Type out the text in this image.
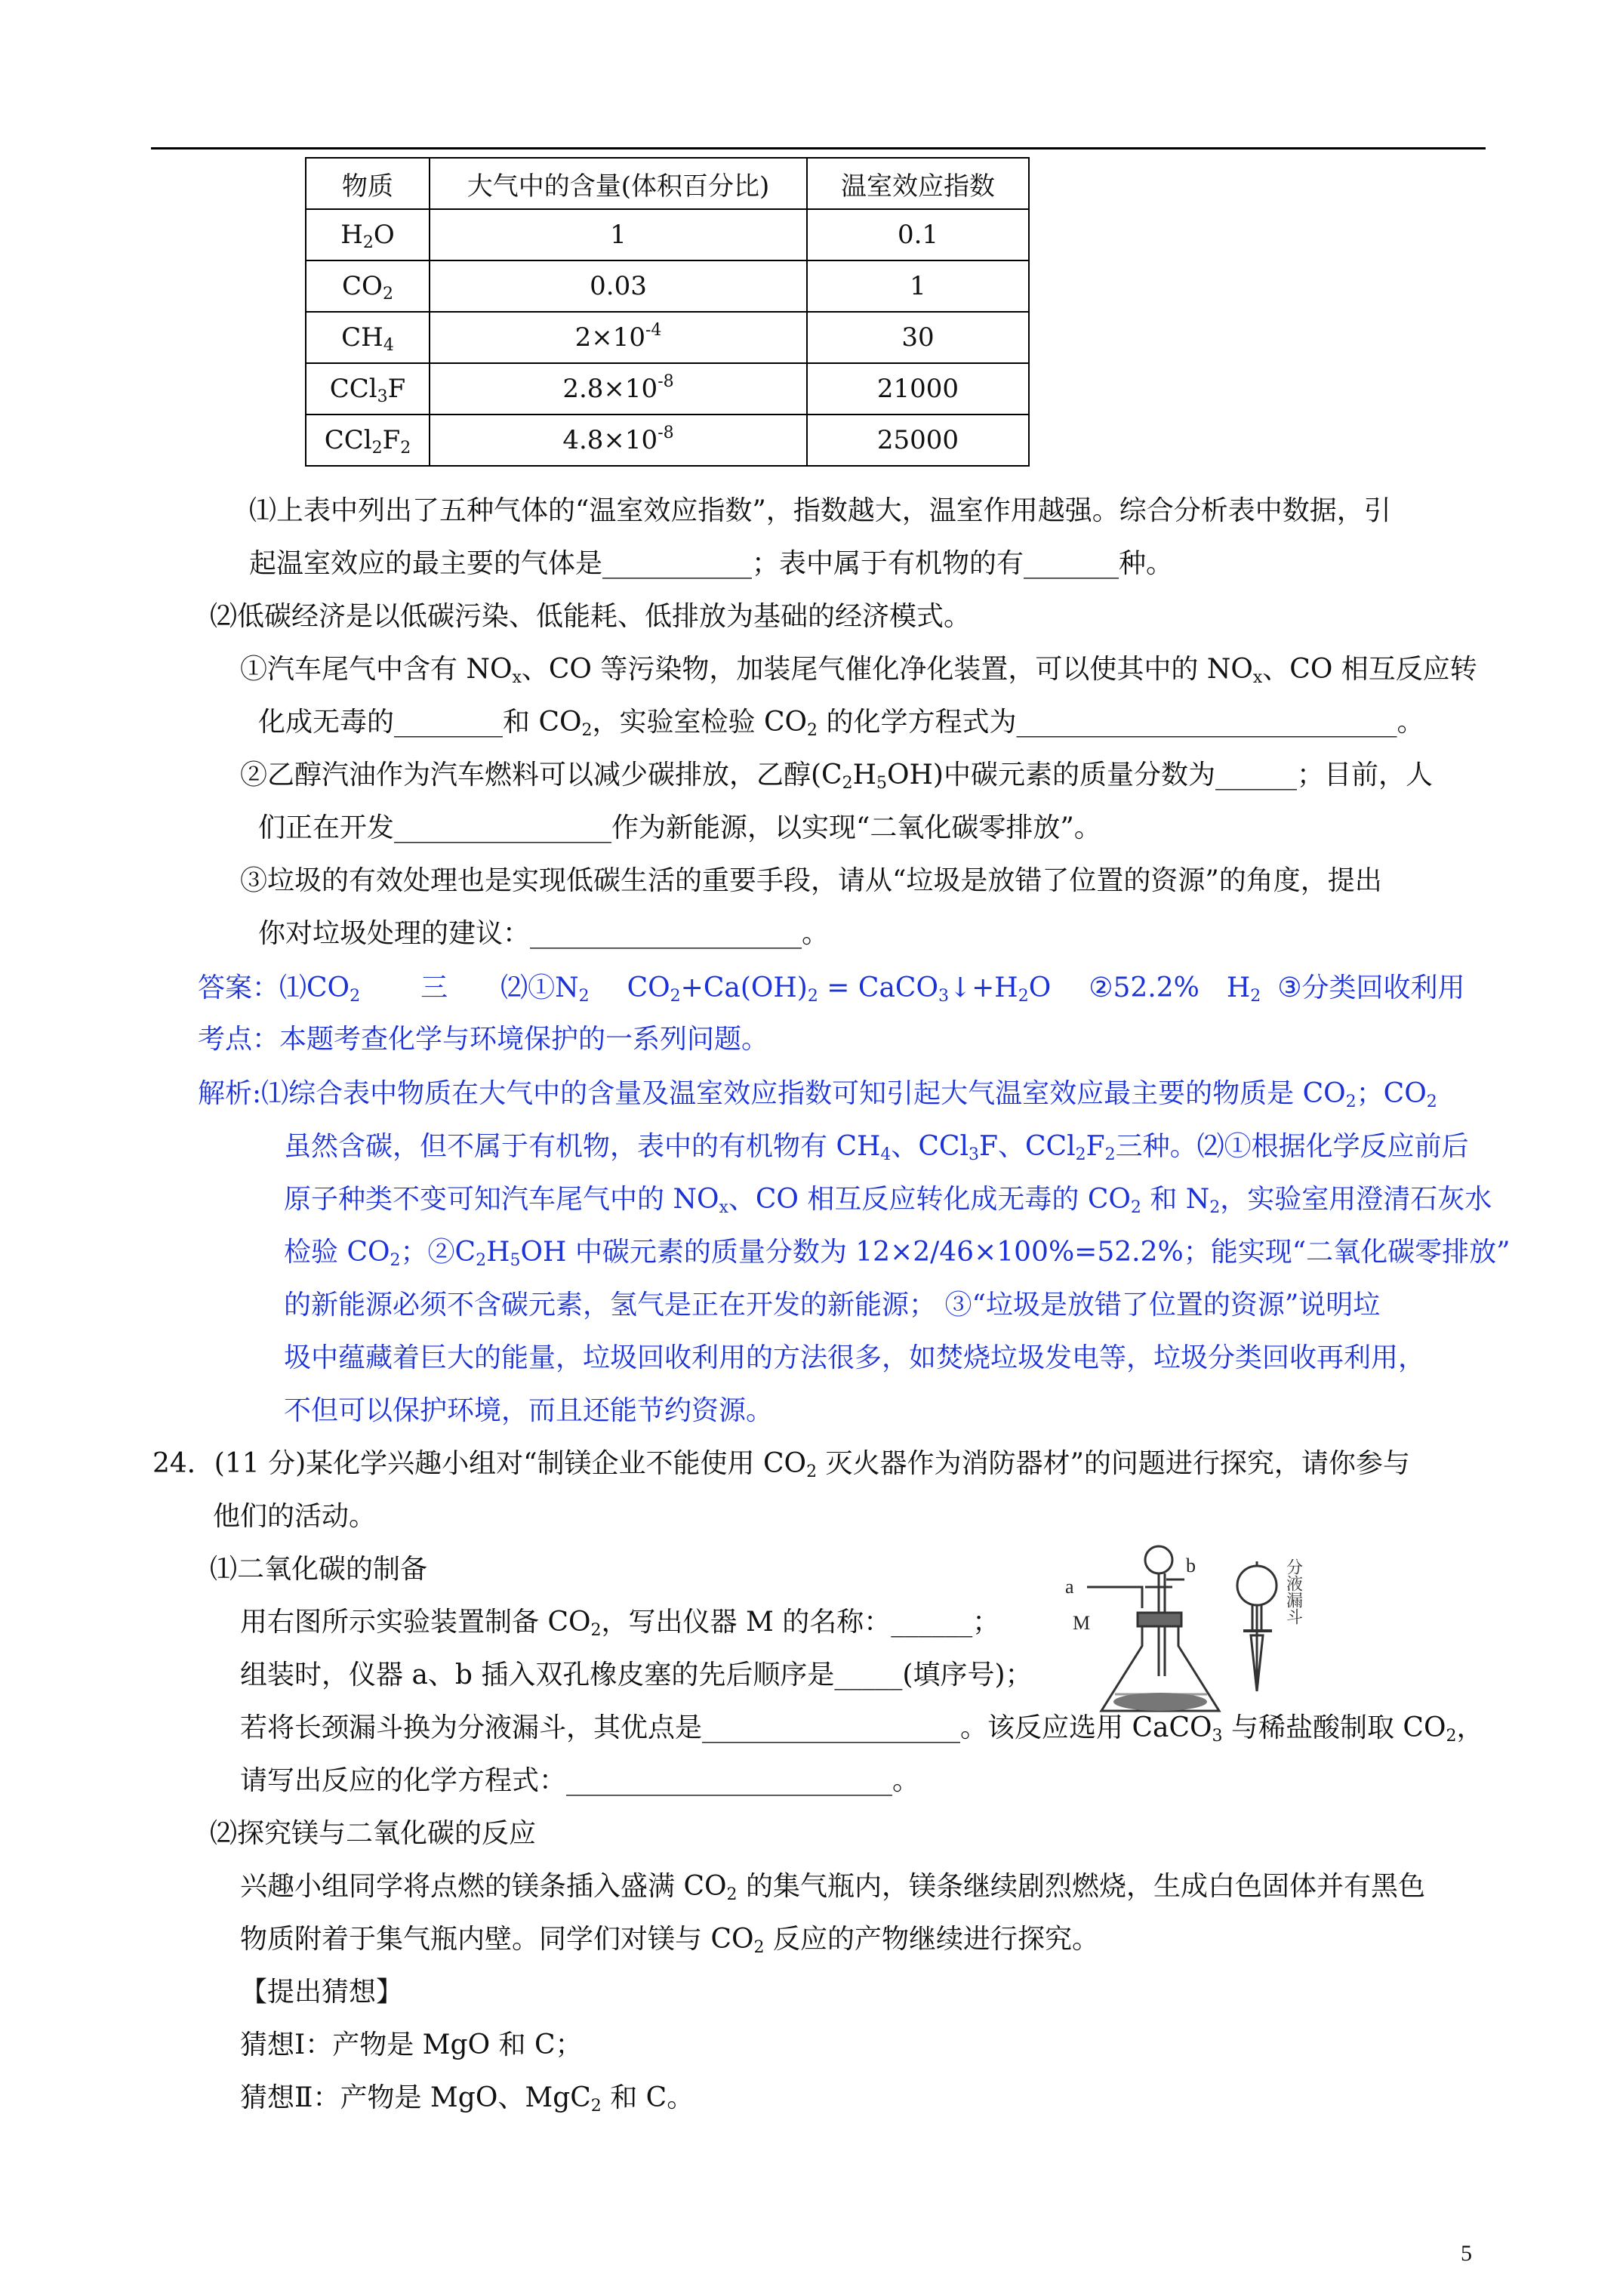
物质	大气中的含量(体积百分比)	温室效应指数
$H_2O$	1	0.1
$CO_2$	0.03	1
$CH_4$	$2\times 10^{-4}$	30
CCl$_3$F	$2.8\times 10^{-8}$	21000
$CCl_2F_2$	$4.8\times 10^{-8}$	25000
⑴上表中列出了五种气体的“温室效应指数”，指数越大，温室作用越强。综合分析表中数据，引
起温室效应的最主要的气体是___________；表中属于有机物的有_______种。
⑵低碳经济是以低碳污染、低能耗、低排放为基础的经济模式。
①汽车尾气中含有 $NO_x$、CO 等污染物，加装尾气催化净化装置，可以使其中的 $NO_x$、CO 相互反应转
化成无毒的________和 $CO_2$，实验室检验 $CO_2$ 的化学方程式为____________________________。
②乙醇汽油作为汽车燃料可以减少碳排放，乙醇$(C_2H_5OH)$中碳元素的质量分数为______；目前，人
们正在开发________________作为新能源，以实现“二氧化碳零排放”。
③垃圾的有效处理也是实现低碳生活的重要手段，请从“垃圾是放错了位置的资源”的角度，提出
你对垃圾处理的建议：____________________。
答案：$⑴CO_2$ 三 $⑵①N_2$ $CO_2+Ca(OH)_2$ = $CaCO_3↓+H_2O$ ②52.2% $H_2$ ③分类回收利用
考点：本题考查化学与环境保护的一系列问题。
解析:⑴综合表中物质在大气中的含量及温室效应指数可知引起大气温室效应最主要的物质是 $CO_2$；$CO_2$
虽然含碳，但不属于有机物，表中的有机物有 $CH_4$、CCl$_3$F、$CCl_2F_2$三种。⑵①根据化学反应前后
原子种类不变可知汽车尾气中的 $NO_x$、CO 相互反应转化成无毒的 $CO_2$ 和 $N_2$，实验室用澄清石灰水
检验 $CO_2$；$②C_2H_5OH$ 中碳元素的质量分数为 12×2/46×100%=52.2%；能实现“二氧化碳零排放”
的新能源必须不含碳元素，氢气是正在开发的新能源； ③“垃圾是放错了位置的资源”说明垃
圾中蕴藏着巨大的能量，垃圾回收利用的方法很多，如焚烧垃圾发电等，垃圾分类回收再利用，
不但可以保护环境，而且还能节约资源。
24．(11 分)某化学兴趣小组对“制镁企业不能使用 $CO_2$ 灭火器作为消防器材”的问题进行探究，请你参与
他们的活动。
⑴二氧化碳的制备
用右图所示实验装置制备 $CO_2$，写出仪器 M 的名称：______；
组装时，仪器 a、b 插入双孔橡皮塞的先后顺序是_____(填序号)；
若将长颈漏斗换为分液漏斗，其优点是___________________。该反应选用 CaCO$_3$ 与稀盐酸制取 $CO_2$，
请写出反应的化学方程式：________________________。
⑵探究镁与二氧化碳的反应
兴趣小组同学将点燃的镁条插入盛满 $CO_2$ 的集气瓶内，镁条继续剧烈燃烧，生成白色固体并有黑色
物质附着于集气瓶内壁。同学们对镁与 $CO_2$ 反应的产物继续进行探究。
【提出猜想】
猜想Ⅰ：产物是 MgO 和 C；
猜想Ⅱ：产物是 MgO、MgC$_2$ 和 C。
a
b
M	分液漏斗
5
